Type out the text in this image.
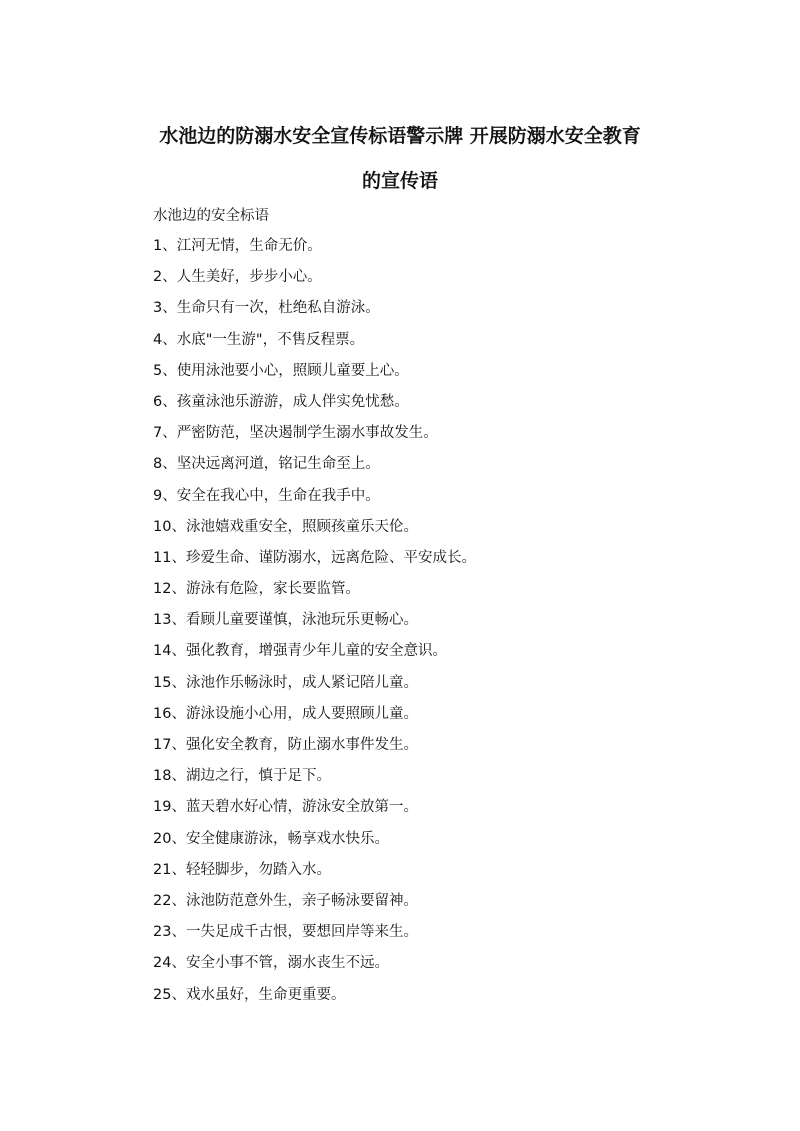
水池边的防溺水安全宣传标语警示牌 开展防溺水安全教育
的宣传语

水池边的安全标语

1、江河无情，生命无价。
2、人生美好，步步小心。
3、生命只有一次，杜绝私自游泳。
4、水底"一生游"，不售反程票。
5、使用泳池要小心，照顾儿童要上心。
6、孩童泳池乐游游，成人伴实免忧愁。
7、严密防范，坚决遏制学生溺水事故发生。
8、坚决远离河道，铭记生命至上。
9、安全在我心中，生命在我手中。
10、泳池嬉戏重安全，照顾孩童乐天伦。
11、珍爱生命、谨防溺水，远离危险、平安成长。
12、游泳有危险，家长要监管。
13、看顾儿童要谨慎，泳池玩乐更畅心。
14、强化教育，增强青少年儿童的安全意识。
15、泳池作乐畅泳时，成人紧记陪儿童。
16、游泳设施小心用，成人要照顾儿童。
17、强化安全教育，防止溺水事件发生。
18、湖边之行，慎于足下。
19、蓝天碧水好心情，游泳安全放第一。
20、安全健康游泳，畅享戏水快乐。
21、轻轻脚步，勿踏入水。
22、泳池防范意外生，亲子畅泳要留神。
23、一失足成千古恨，要想回岸等来生。
24、安全小事不管，溺水丧生不远。
25、戏水虽好，生命更重要。
